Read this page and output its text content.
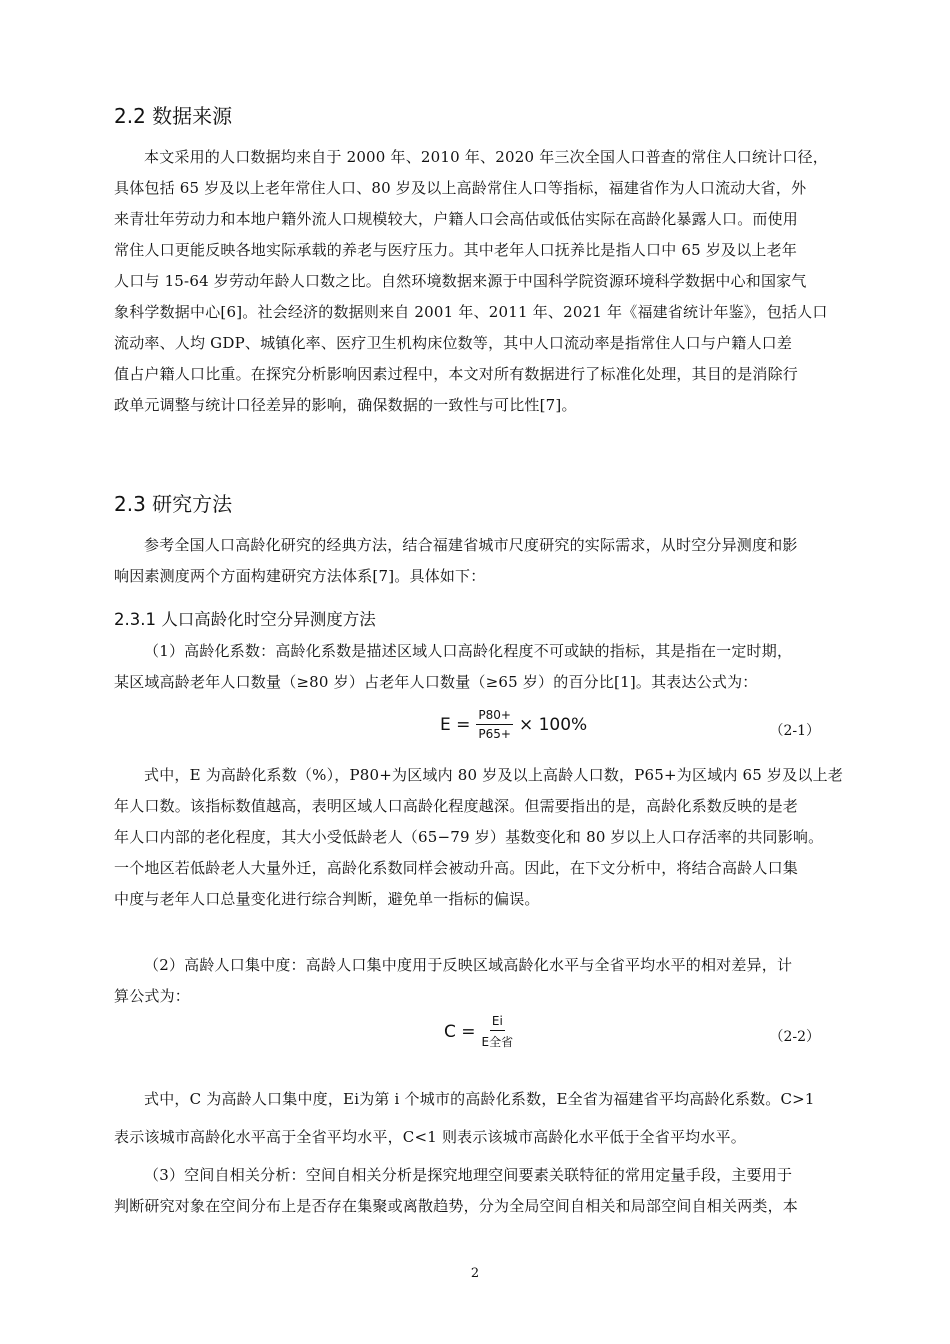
2.2 数据来源
本文采用的人口数据均来自于 2000 年、2010 年、2020 年三次全国人口普查的常住人口统计口径，
具体包括 65 岁及以上老年常住人口、80 岁及以上高龄常住人口等指标，福建省作为人口流动大省，外
来青壮年劳动力和本地户籍外流人口规模较大，户籍人口会高估或低估实际在高龄化暴露人口。而使用
常住人口更能反映各地实际承载的养老与医疗压力。其中老年人口抚养比是指人口中 65 岁及以上老年
人口与 15-64 岁劳动年龄人口数之比。自然环境数据来源于中国科学院资源环境科学数据中心和国家气
象科学数据中心[6]。社会经济的数据则来自 2001 年、2011 年、2021 年《福建省统计年鉴》，包括人口
流动率、人均 GDP、城镇化率、医疗卫生机构床位数等，其中人口流动率是指常住人口与户籍人口差
值占户籍人口比重。在探究分析影响因素过程中，本文对所有数据进行了标准化处理，其目的是消除行
政单元调整与统计口径差异的影响，确保数据的一致性与可比性[7]。
2.3 研究方法
参考全国人口高龄化研究的经典方法，结合福建省城市尺度研究的实际需求，从时空分异测度和影
响因素测度两个方面构建研究方法体系[7]。具体如下：
2.3.1 人口高龄化时空分异测度方法
（1）高龄化系数：高龄化系数是描述区域人口高龄化程度不可或缺的指标，其是指在一定时期，
某区域高龄老年人口数量（≥80 岁）占老年人口数量（≥65 岁）的百分比[1]。其表达公式为：
$E = \frac{P80+}{P65+} \times 100\%$	（2-1）
式中，E 为高龄化系数（%），P80+为区域内 80 岁及以上高龄人口数，P65+为区域内 65 岁及以上老
年人口数。该指标数值越高，表明区域人口高龄化程度越深。但需要指出的是，高龄化系数反映的是老
年人口内部的老化程度，其大小受低龄老人（65−79 岁）基数变化和 80 岁以上人口存活率的共同影响。
一个地区若低龄老人大量外迁，高龄化系数同样会被动升高。因此，在下文分析中，将结合高龄人口集
中度与老年人口总量变化进行综合判断，避免单一指标的偏误。
（2）高龄人口集中度：高龄人口集中度用于反映区域高龄化水平与全省平均水平的相对差异，计
算公式为：
$C = \frac{Ei}{\text{E全省}}$	（2-2）
式中，C 为高龄人口集中度，Ei为第 i 个城市的高龄化系数，E全省为福建省平均高龄化系数。C>1
表示该城市高龄化水平高于全省平均水平，C<1 则表示该城市高龄化水平低于全省平均水平。
（3）空间自相关分析：空间自相关分析是探究地理空间要素关联特征的常用定量手段，主要用于
判断研究对象在空间分布上是否存在集聚或离散趋势，分为全局空间自相关和局部空间自相关两类，本
2
